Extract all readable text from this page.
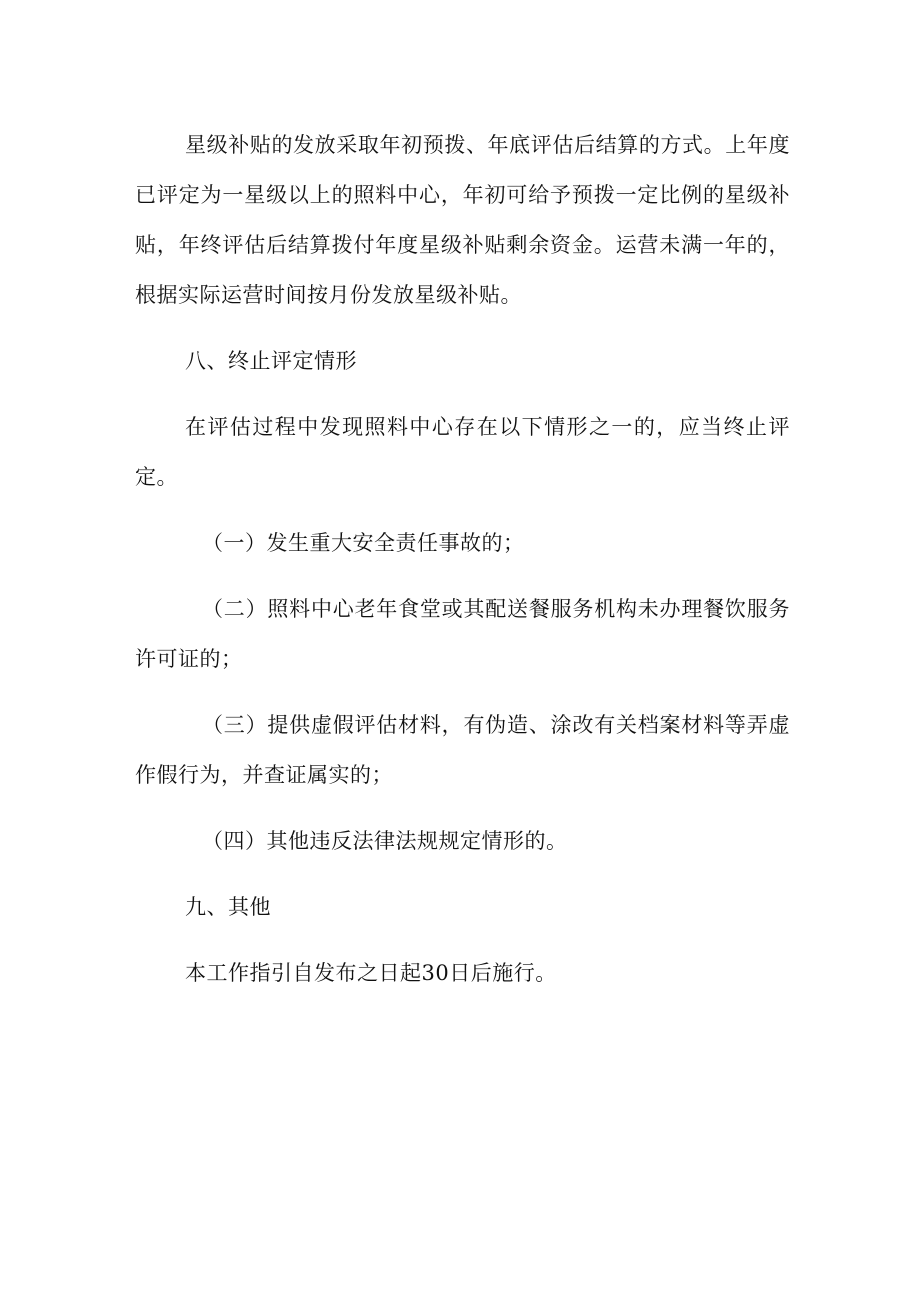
星级补贴的发放采取年初预拨、年底评估后结算的方式。上年度已评定为一星级以上的照料中心，年初可给予预拨一定比例的星级补贴，年终评估后结算拨付年度星级补贴剩余资金。运营未满一年的，根据实际运营时间按月份发放星级补贴。

八、终止评定情形

在评估过程中发现照料中心存在以下情形之一的，应当终止评定。

（一）发生重大安全责任事故的；

（二）照料中心老年食堂或其配送餐服务机构未办理餐饮服务许可证的；

（三）提供虚假评估材料，有伪造、涂改有关档案材料等弄虚作假行为，并查证属实的；

（四）其他违反法律法规规定情形的。

九、其他

本工作指引自发布之日起30日后施行。
